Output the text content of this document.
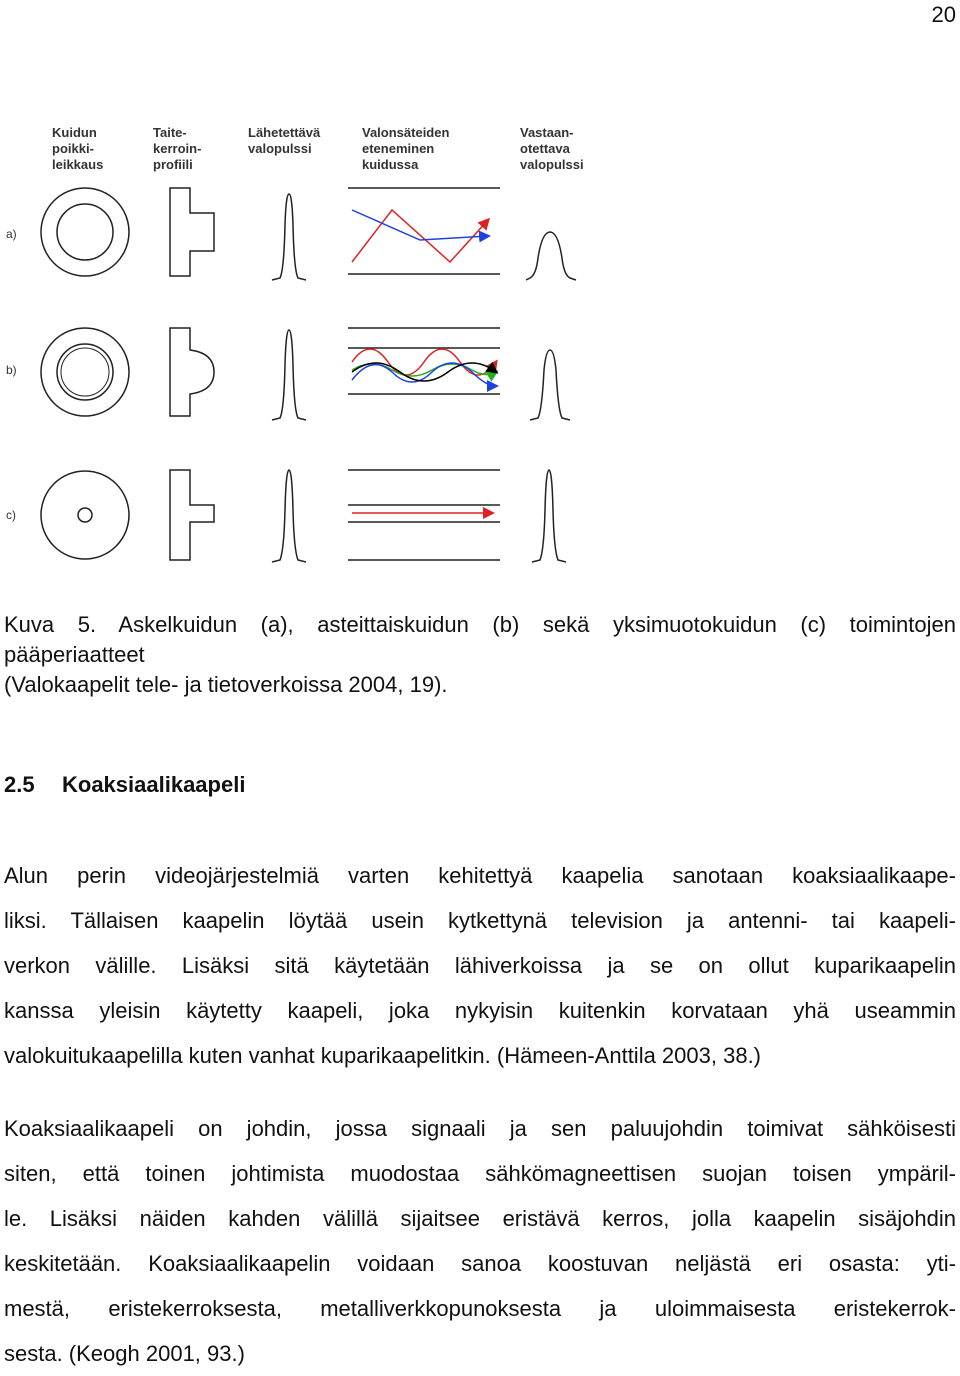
20
Kuidun
poikki-
leikkaus
Taite-
kerroin-
profiili
Lähetettävä
valopulssi
Valonsäteiden
eteneminen
kuidussa
Vastaan-
otettava
valopulssi
a)
b)
c)

Kuva 5. Askelkuidun (a), asteittaiskuidun (b) sekä yksimuotokuidun (c) toimintojen

pääperiaatteet

(Valokaapelit tele- ja tietoverkoissa 2004, 19).

2.5 Koaksiaalikaapeli
Alun perin videojärjestelmiä varten kehitettyä kaapelia sanotaan koaksiaalikaape-
liksi. Tällaisen kaapelin löytää usein kytkettynä television ja antenni- tai kaapeli-
verkon välille. Lisäksi sitä käytetään lähiverkoissa ja se on ollut kuparikaapelin
kanssa yleisin käytetty kaapeli, joka nykyisin kuitenkin korvataan yhä useammin
valokuitukaapelilla kuten vanhat kuparikaapelitkin. (Hämeen-Anttila 2003, 38.)
Koaksiaalikaapeli on johdin, jossa signaali ja sen paluujohdin toimivat sähköisesti
siten, että toinen johtimista muodostaa sähkömagneettisen suojan toisen ympäril-
le. Lisäksi näiden kahden välillä sijaitsee eristävä kerros, jolla kaapelin sisäjohdin
keskitetään. Koaksiaalikaapelin voidaan sanoa koostuvan neljästä eri osasta: yti-
mestä, eristekerroksesta, metalliverkkopunoksesta ja uloimmaisesta eristekerrok-
sesta. (Keogh 2001, 93.)
